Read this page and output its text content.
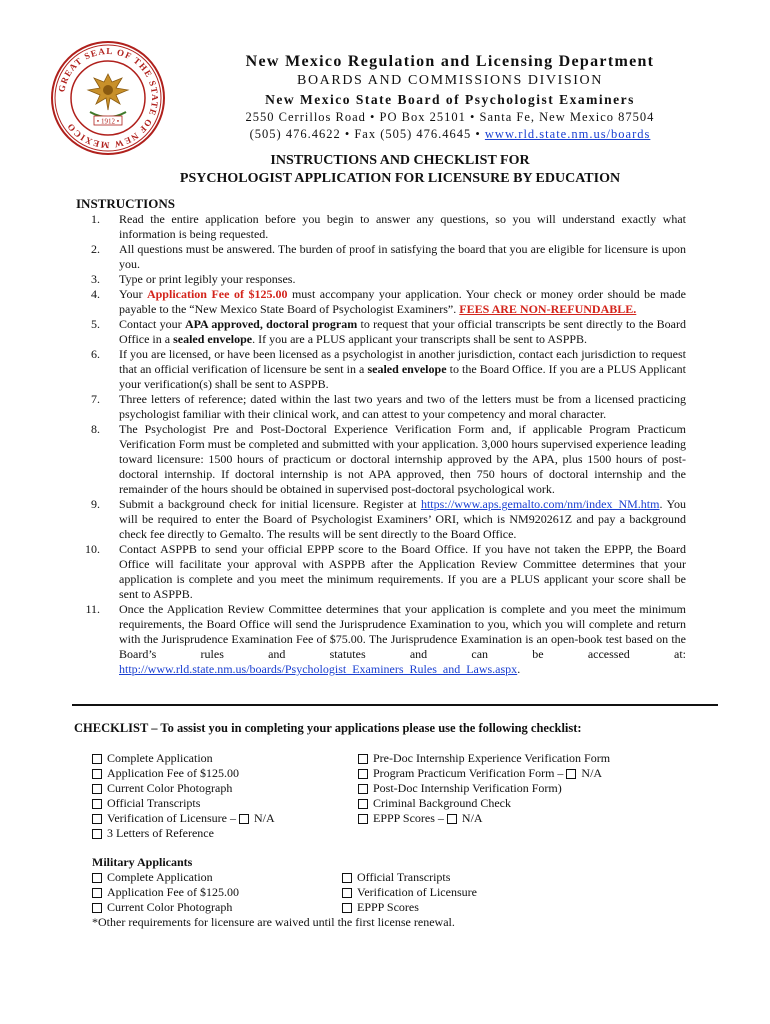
GREAT SEAL OF THE STATE OF NEW MEXICO	• 1912 •
New Mexico Regulation and Licensing Department
BOARDS AND COMMISSIONS DIVISION
New Mexico State Board of Psychologist Examiners
2550 Cerrillos Road • PO Box 25101 • Santa Fe, New Mexico 87504
(505) 476.4622 • Fax (505) 476.4645 • www.rld.state.nm.us/boards
INSTRUCTIONS AND CHECKLIST FOR
PSYCHOLOGIST APPLICATION FOR LICENSURE BY EDUCATION
INSTRUCTIONS
1. Read the entire application before you begin to answer any questions, so you will understand exactly what information is being requested.
2. All questions must be answered. The burden of proof in satisfying the board that you are eligible for licensure is upon you.
3. Type or print legibly your responses.
4. Your Application Fee of $125.00 must accompany your application. Your check or money order should be made payable to the “New Mexico State Board of Psychologist Examiners”. FEES ARE NON-REFUNDABLE.
5. Contact your APA approved, doctoral program to request that your official transcripts be sent directly to the Board Office in a sealed envelope. If you are a PLUS applicant your transcripts shall be sent to ASPPB.
6. If you are licensed, or have been licensed as a psychologist in another jurisdiction, contact each jurisdiction to request that an official verification of licensure be sent in a sealed envelope to the Board Office. If you are a PLUS Applicant your verification(s) shall be sent to ASPPB.
7. Three letters of reference; dated within the last two years and two of the letters must be from a licensed practicing psychologist familiar with their clinical work, and can attest to your competency and moral character.
8. The Psychologist Pre and Post-Doctoral Experience Verification Form and, if applicable Program Practicum Verification Form must be completed and submitted with your application. 3,000 hours supervised experience leading toward licensure: 1500 hours of practicum or doctoral internship approved by the APA, plus 1500 hours of post-doctoral internship. If doctoral internship is not APA approved, then 750 hours of doctoral internship and the remainder of the hours should be obtained in supervised post-doctoral psychological work.
9. Submit a background check for initial licensure. Register at https://www.aps.gemalto.com/nm/index_NM.htm. You will be required to enter the Board of Psychologist Examiners’ ORI, which is NM920261Z and pay a background check fee directly to Gemalto. The results will be sent directly to the Board Office.
10. Contact ASPPB to send your official EPPP score to the Board Office. If you have not taken the EPPP, the Board Office will facilitate your approval with ASPPB after the Application Review Committee determines that your application is complete and you meet the minimum requirements. If you are a PLUS applicant your score shall be sent to ASPPB.
11. Once the Application Review Committee determines that your application is complete and you meet the minimum requirements, the Board Office will send the Jurisprudence Examination to you, which you will complete and return with the Jurisprudence Examination Fee of $75.00. The Jurisprudence Examination is an open-book test based on the Board’s rules and statutes and can be accessed at: http://www.rld.state.nm.us/boards/Psychologist_Examiners_Rules_and_Laws.aspx.
CHECKLIST – To assist you in completing your applications please use the following checklist:
Complete Application
Application Fee of $125.00
Current Color Photograph
Official Transcripts
Verification of Licensure – N/A
3 Letters of Reference
Pre-Doc Internship Experience Verification Form
Program Practicum Verification Form – N/A
Post-Doc Internship Verification Form)
Criminal Background Check
EPPP Scores – N/A
Military Applicants
Complete Application
Application Fee of $125.00
Current Color Photograph
Official Transcripts
Verification of Licensure
EPPP Scores
*Other requirements for licensure are waived until the first license renewal.
